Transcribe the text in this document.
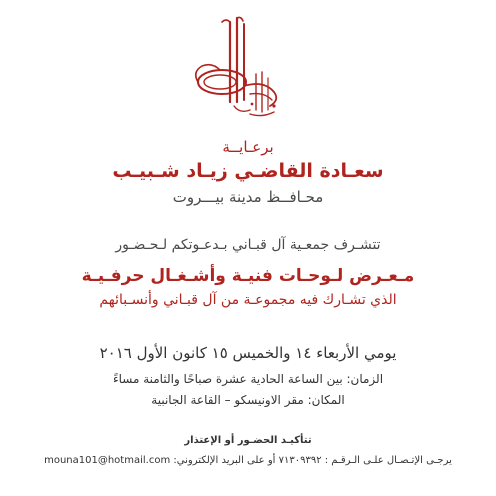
برعـايــة
سعـادة القاضـي زيـاد شـبيـب
محـافــظ مدينة بيـــروت
تتشـرف جمعـية آل قبـاني بـدعـوتكم لـحـضـور
مـعـرض لـوحـات فنيـة وأشـغـال حرفـيـة
الذي تشـارك فيه مجموعـة من آل قبـاني وأنسـبائهم
يومي الأربعاء ١٤ والخميس ١٥ كانون الأول ٢٠١٦
الزمان: بين الساعة الحادية عشرة صباحًا والثامنة مساءً
المكان: مقر الاونيسكو – القاعة الجانبية
تتأكيـد الحضـور أو الإعتذار
يرجـى الإتـصـال علـى الـرقـم : ٧١٣٠٩٣٩٢ أو على البريد الإلكتروني: mouna101@hotmail.com
